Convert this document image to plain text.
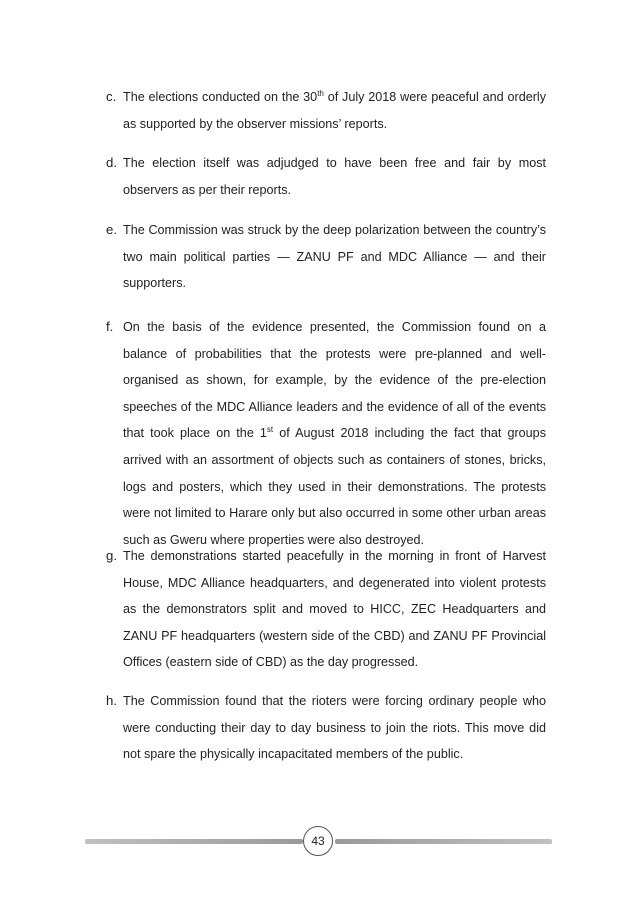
c. The elections conducted on the 30th of July 2018 were peaceful and orderly as supported by the observer missions’ reports.
d. The election itself was adjudged to have been free and fair by most observers as per their reports.
e. The Commission was struck by the deep polarization between the country’s two main political parties — ZANU PF and MDC Alliance — and their supporters.
f. On the basis of the evidence presented, the Commission found on a balance of probabilities that the protests were pre-planned and well-organised as shown, for example, by the evidence of the pre-election speeches of the MDC Alliance leaders and the evidence of all of the events that took place on the 1st of August 2018 including the fact that groups arrived with an assortment of objects such as containers of stones, bricks, logs and posters, which they used in their demonstrations. The protests were not limited to Harare only but also occurred in some other urban areas such as Gweru where properties were also destroyed.
g. The demonstrations started peacefully in the morning in front of Harvest House, MDC Alliance headquarters, and degenerated into violent protests as the demonstrators split and moved to HICC, ZEC Headquarters and ZANU PF headquarters (western side of the CBD) and ZANU PF Provincial Offices (eastern side of CBD) as the day progressed.
h. The Commission found that the rioters were forcing ordinary people who were conducting their day to day business to join the riots. This move did not spare the physically incapacitated members of the public.
43
